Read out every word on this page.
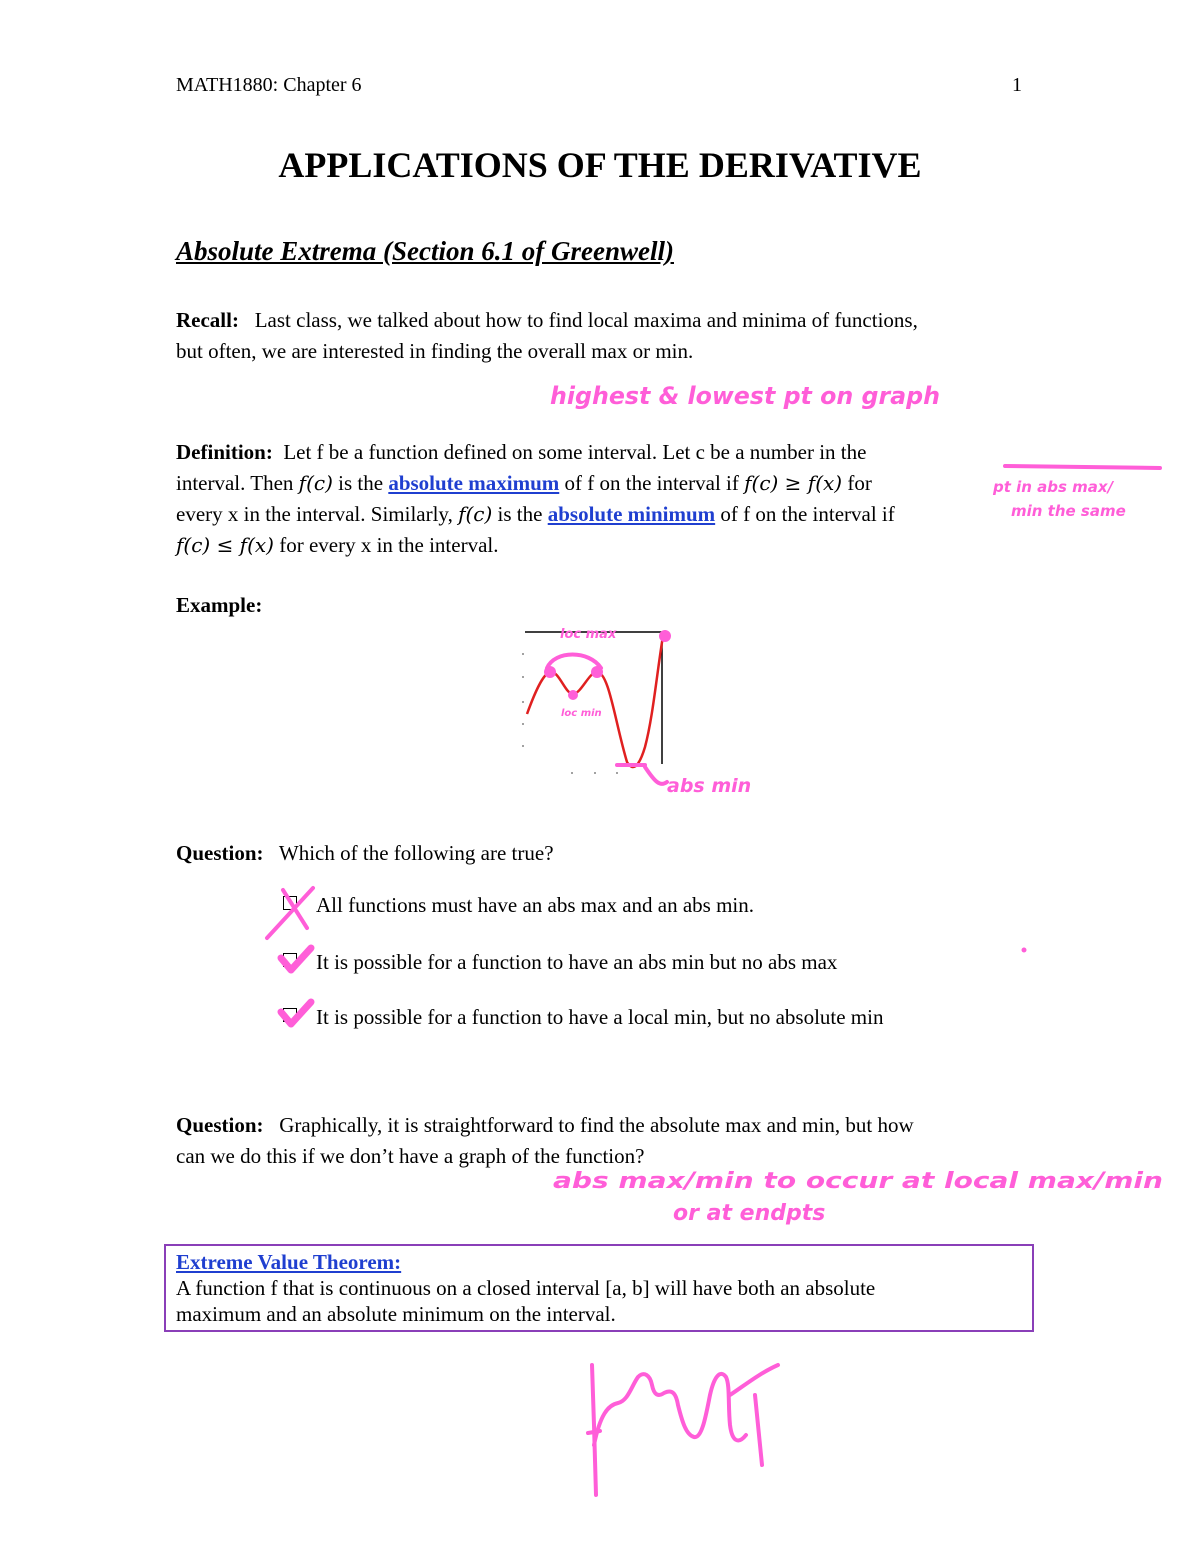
MATH1880: Chapter 6	1
APPLICATIONS OF THE DERIVATIVE
Absolute Extrema (Section 6.1 of Greenwell)
Recall: Last class, we talked about how to find local maxima and minima of functions,
but often, we are interested in finding the overall max or min.
highest & lowest pt on graph
Definition: Let f be a function defined on some interval. Let c be a number in the
interval. Then f(c) is the absolute maximum of f on the interval if f(c) ≥ f(x) for
every x in the interval. Similarly, f(c) is the absolute minimum of f on the interval if
f(c) ≤ f(x) for every x in the interval.
pt in abs max/
min the same
Example:
loc max
loc min
abs min
Question: Which of the following are true?
All functions must have an abs max and an abs min.
It is possible for a function to have an abs min but no abs max
It is possible for a function to have a local min, but no absolute min
Question: Graphically, it is straightforward to find the absolute max and min, but how
can we do this if we don’t have a graph of the function?
abs max/min to occur at local max/min
or at endpts
Extreme Value Theorem:
A function f that is continuous on a closed interval [a, b] will have both an absolute
maximum and an absolute minimum on the interval.
